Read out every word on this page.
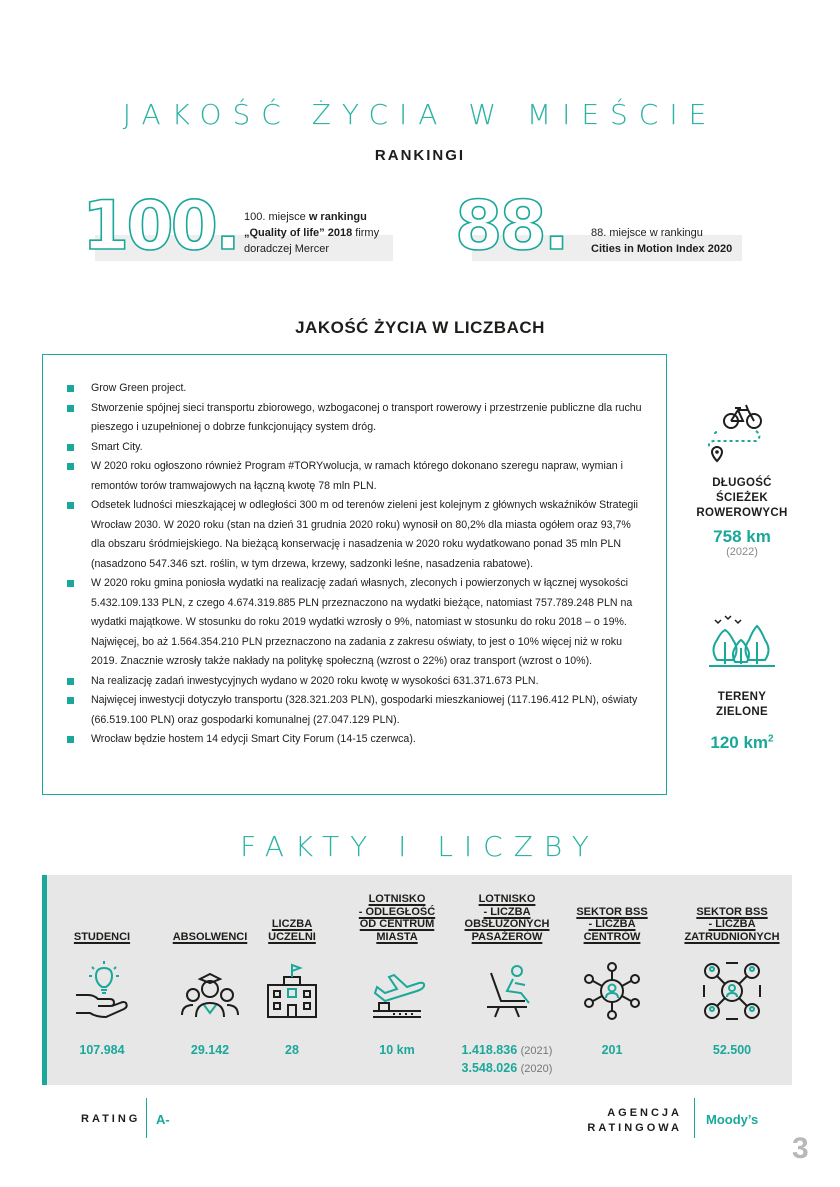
JAKOŚĆ ŻYCIA W MIEŚCIE
RANKINGI
100. 100. miejsce w rankingu
„Quality of life” 2018 firmy
doradczej Mercer	88. 88. miejsce w rankingu
Cities in Motion Index 2020
JAKOŚĆ ŻYCIA W LICZBACH
Grow Green project.
Stworzenie spójnej sieci transportu zbiorowego, wzbogaconej o transport rowerowy i przestrzenie publiczne dla ruchu pieszego i uzupełnionej o dobrze funkcjonujący system dróg.
Smart City.
W 2020 roku ogłoszono również Program #TORYwolucja, w ramach którego dokonano szeregu napraw, wymian i remontów torów tramwajowych na łączną kwotę 78 mln PLN.
Odsetek ludności mieszkającej w odległości 300 m od terenów zieleni jest kolejnym z głównych wskaźników Strategii Wrocław 2030. W 2020 roku (stan na dzień 31 grudnia 2020 roku) wynosił on 80,2% dla miasta ogółem oraz 93,7% dla obszaru śródmiejskiego. Na bieżącą konserwację i nasadzenia w 2020 roku wydatkowano ponad 35 mln PLN (nasadzono 547.346 szt. roślin, w tym drzewa, krzewy, sadzonki leśne, nasadzenia rabatowe).
W 2020 roku gmina poniosła wydatki na realizację zadań własnych, zleconych i powierzonych w łącznej wysokości 5.432.109.133 PLN, z czego 4.674.319.885 PLN przeznaczono na wydatki bieżące, natomiast 757.789.248 PLN na wydatki majątkowe. W stosunku do roku 2019 wydatki wzrosły o 9%, natomiast w stosunku do roku 2018 – o 19%. Najwięcej, bo aż 1.564.354.210 PLN przeznaczono na zadania z zakresu oświaty, to jest o 10% więcej niż w roku 2019. Znacznie wzrosły także nakłady na politykę społeczną (wzrost o 22%) oraz transport (wzrost o 10%).
Na realizację zadań inwestycyjnych wydano w 2020 roku kwotę w wysokości 631.371.673 PLN.
Najwięcej inwestycji dotyczyło transportu (328.321.203 PLN), gospodarki mieszkaniowej (117.196.412 PLN), oświaty (66.519.100 PLN) oraz gospodarki komunalnej (27.047.129 PLN).
Wrocław będzie hostem 14 edycji Smart City Forum (14-15 czerwca).
DŁUGOŚĆ
ŚCIEŻEK
ROWEROWYCH
758 km
(2022)
TERENY
ZIELONE
120 $km^2$
FAKTY I LICZBY
STUDENCI
107.984
ABSOLWENCI
29.142
LICZBA
UCZELNI
28
LOTNISKO
- ODLEGŁOŚĆ
OD CENTRUM
MIASTA
10 km
LOTNISKO
- LICZBA
OBSŁUŻONYCH
PASAŻERÓW
1.418.836 (2021)
3.548.026 (2020)
SEKTOR BSS
- LICZBA
CENTRÓW
201
SEKTOR BSS
- LICZBA
ZATRUDNIONYCH
52.500
RATING A-	AGENCJA
RATINGOWA
Moody’s
3
